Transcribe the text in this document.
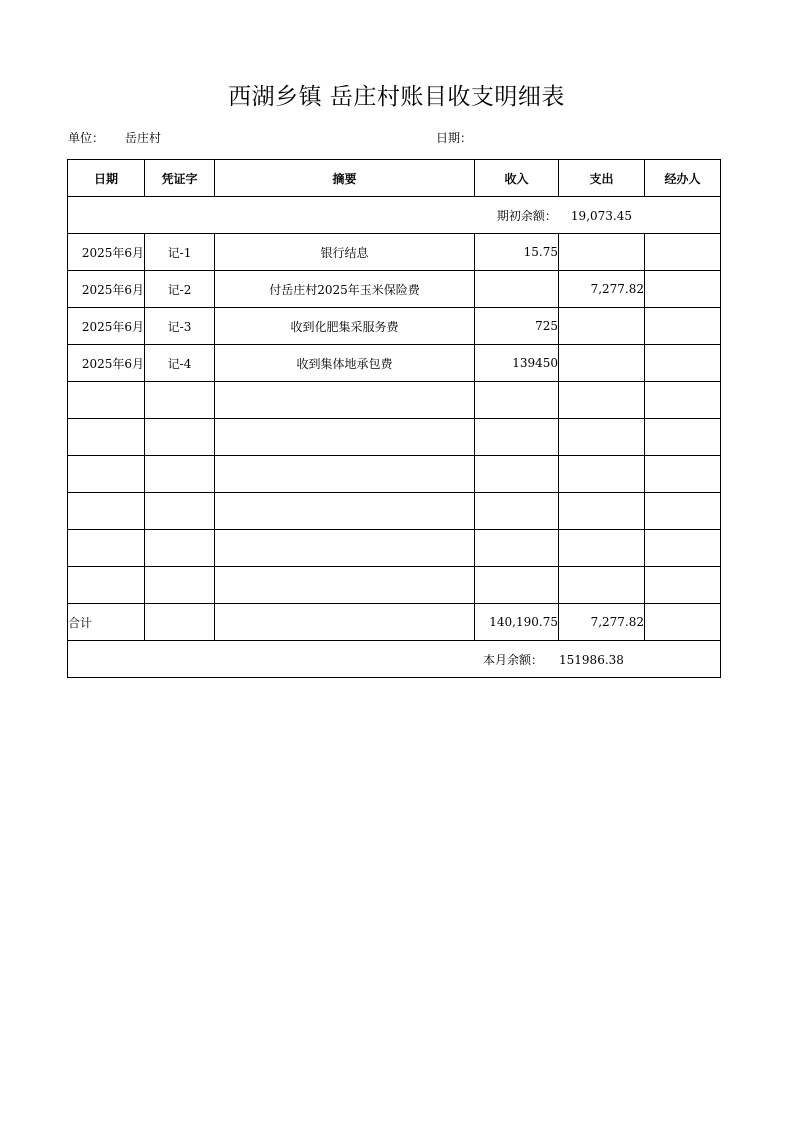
西湖乡镇 岳庄村账目收支明细表
单位： 岳庄村	日期：
日期	凭证字	摘要	收入	支出	经办人
期初余额： 19,073.45					
2025年6月	记-1	银行结息	15.75		
2025年6月	记-2	付岳庄村2025年玉米保险费		7,277.82	
2025年6月	记-3	收到化肥集采服务费	725		
2025年6月	记-4	收到集体地承包费	139450		

合计			140,190.75	7,277.82	
本月余额： 151986.38					
